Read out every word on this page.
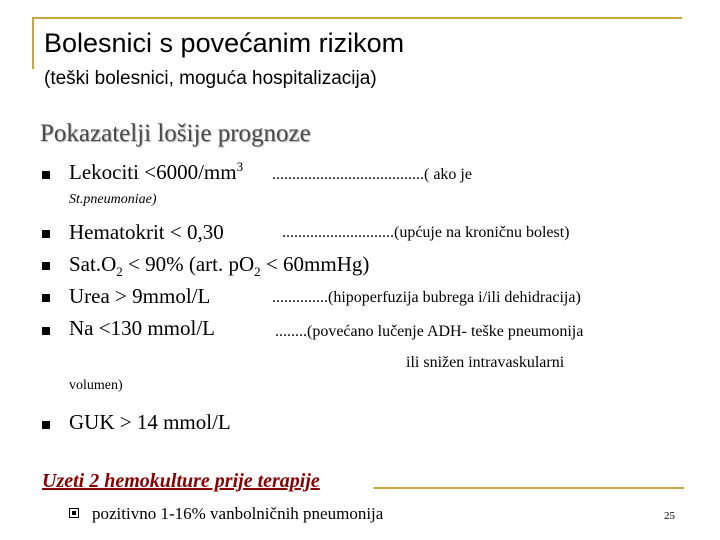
Bolesnici s povećanim rizikom
(teški bolesnici, moguća hospitalizacija)
Pokazatelji lošije prognoze
Lekociti $<6000/mm^3$ ......................................( ako je
St.pneumoniae)
Hematokrit < 0,30	............................(upćuje na kroničnu bolest)
$Sat.O_2 < 90\%$ (art. $pO_2$ < 60mmHg)
Urea > 9mmol/L	..............(hipoperfuzija bubrega i/ili dehidracija)
Na <130 mmol/L	........(povećano lučenje ADH- teške pneumonija
ili snižen intravaskularni
volumen)
GUK > 14 mmol/L
Uzeti 2 hemokulture prije terapije
pozitivno 1-16% vanbolničnih pneumonija	25
